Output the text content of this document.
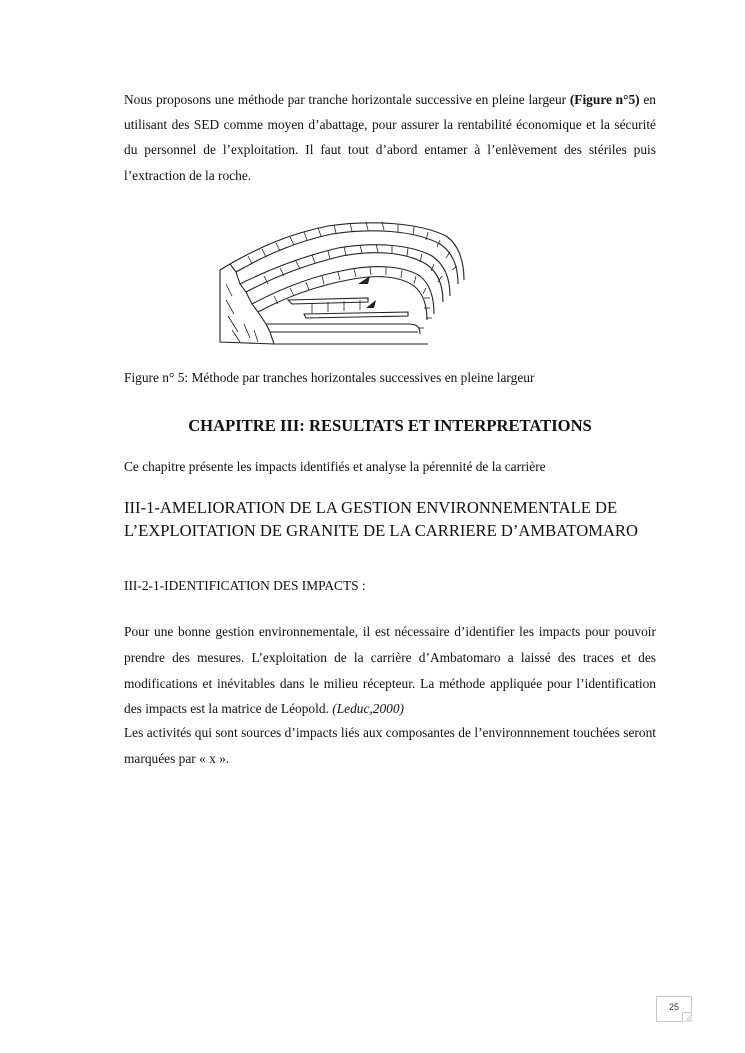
Nous proposons une méthode par tranche horizontale successive en pleine largeur (Figure n°5) en utilisant des SED comme moyen d’abattage, pour assurer la rentabilité économique et la sécurité du personnel de l’exploitation. Il faut tout d’abord entamer à l’enlèvement des stériles puis l’extraction de la roche.
Figure n° 5: Méthode par tranches horizontales successives en pleine largeur
CHAPITRE III: RESULTATS ET INTERPRETATIONS
Ce chapitre présente les impacts identifiés et analyse la pérennité de la carrière
III-1-AMELIORATION DE LA GESTION ENVIRONNEMENTALE DE L’EXPLOITATION DE GRANITE DE LA CARRIERE D’AMBATOMARO
III-2-1-IDENTIFICATION DES IMPACTS :
Pour une bonne gestion environnementale, il est nécessaire d’identifier les impacts pour pouvoir prendre des mesures. L’exploitation de la carrière d’Ambatomaro a laissé des traces et des modifications et inévitables dans le milieu récepteur. La méthode appliquée pour l’identification des impacts est la matrice de Léopold. (Leduc,2000)
Les activités qui sont sources d’impacts liés aux composantes de l’environnnement touchées seront marquées par « x ».
25
